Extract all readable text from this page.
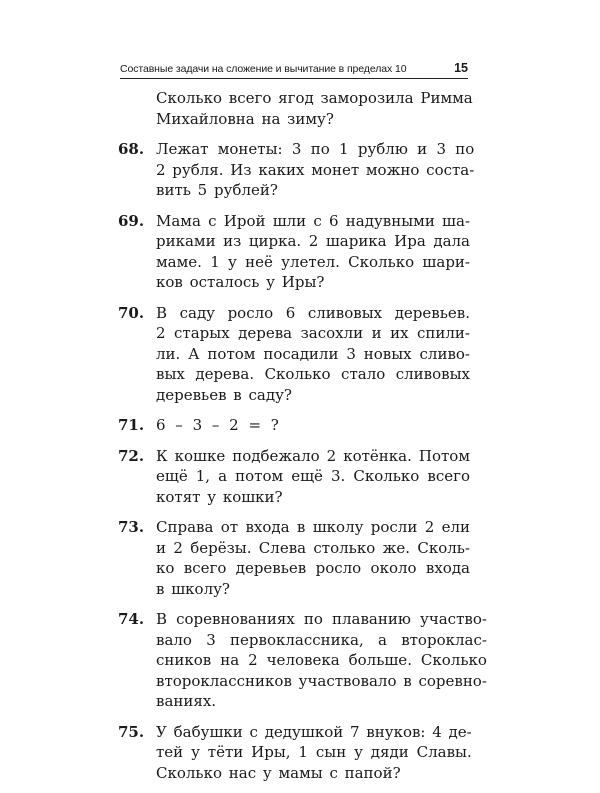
Составные задачи на сложение и вычитание в пределах 10	15
Сколько всего ягод заморозила Римма
Михайловна на зиму?
68. Лежат монеты: 3 по 1 рублю и 3 по
2 рубля. Из каких монет можно соста-
вить 5 рублей?
69. Мама с Ирой шли с 6 надувными ша-
риками из цирка. 2 шарика Ира дала
маме. 1 у неё улетел. Сколько шари-
ков осталось у Иры?
70. В саду росло 6 сливовых деревьев.
2 старых дерева засохли и их спили-
ли. А потом посадили 3 новых сливо-
вых дерева. Сколько стало сливовых
деревьев в саду?
71. 6 – 3 – 2 = ?
72. К кошке подбежало 2 котёнка. Потом
ещё 1, а потом ещё 3. Сколько всего
котят у кошки?
73. Справа от входа в школу росли 2 ели
и 2 берёзы. Слева столько же. Сколь-
ко всего деревьев росло около входа
в школу?
74. В соревнованиях по плаванию участво-
вало 3 первоклассника, а второклас-
сников на 2 человека больше. Сколько
второклассников участвовало в соревно-
ваниях.
75. У бабушки с дедушкой 7 внуков: 4 де-
тей у тёти Иры, 1 сын у дяди Славы.
Сколько нас у мамы с папой?
